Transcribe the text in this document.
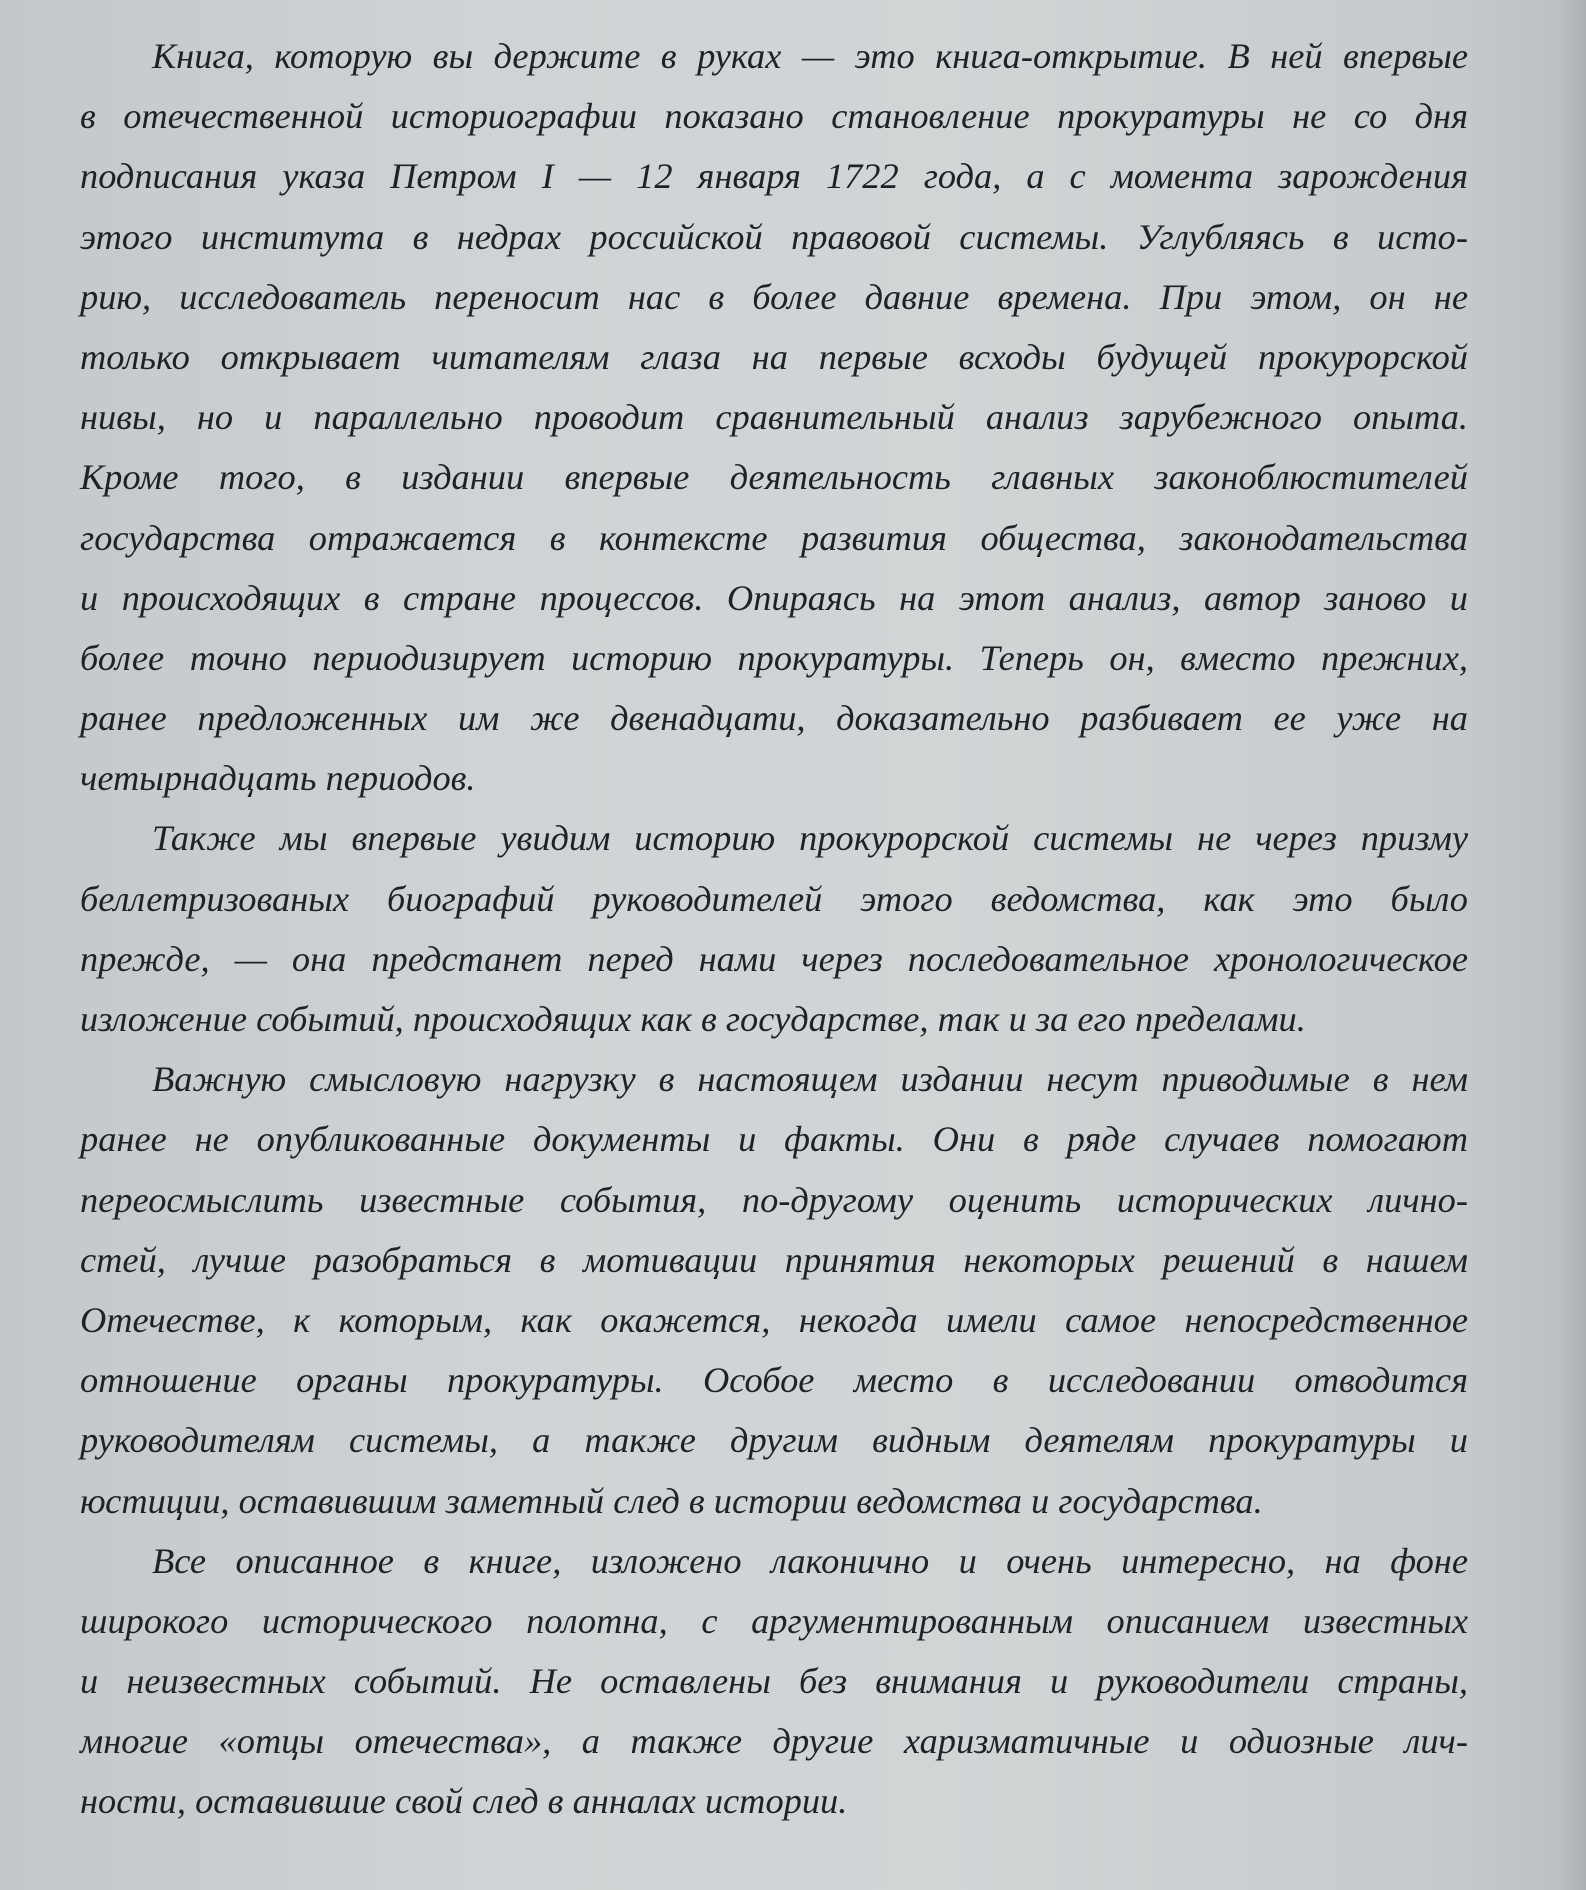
Книга, которую вы держите в руках — это книга-открытие. В ней впервые
в отечественной историографии показано становление прокуратуры не со дня
подписания указа Петром I — 12 января 1722 года, а с момента зарождения
этого института в недрах российской правовой системы. Углубляясь в исто-
рию, исследователь переносит нас в более давние времена. При этом, он не
только открывает читателям глаза на первые всходы будущей прокурорской
нивы, но и параллельно проводит сравнительный анализ зарубежного опыта.
Кроме того, в издании впервые деятельность главных законоблюстителей
государства отражается в контексте развития общества, законодательства
и происходящих в стране процессов. Опираясь на этот анализ, автор заново и
более точно периодизирует историю прокуратуры. Теперь он, вместо прежних,
ранее предложенных им же двенадцати, доказательно разбивает ее уже на
четырнадцать периодов.
Также мы впервые увидим историю прокурорской системы не через призму
беллетризованых биографий руководителей этого ведомства, как это было
прежде, — она предстанет перед нами через последовательное хронологическое
изложение событий, происходящих как в государстве, так и за его пределами.
Важную смысловую нагрузку в настоящем издании несут приводимые в нем
ранее не опубликованные документы и факты. Они в ряде случаев помогают
переосмыслить известные события, по-другому оценить исторических лично-
стей, лучше разобраться в мотивации принятия некоторых решений в нашем
Отечестве, к которым, как окажется, некогда имели самое непосредственное
отношение органы прокуратуры. Особое место в исследовании отводится
руководителям системы, а также другим видным деятелям прокуратуры и
юстиции, оставившим заметный след в истории ведомства и государства.
Все описанное в книге, изложено лаконично и очень интересно, на фоне
широкого исторического полотна, с аргументированным описанием известных
и неизвестных событий. Не оставлены без внимания и руководители страны,
многие «отцы отечества», а также другие харизматичные и одиозные лич-
ности, оставившие свой след в анналах истории.
